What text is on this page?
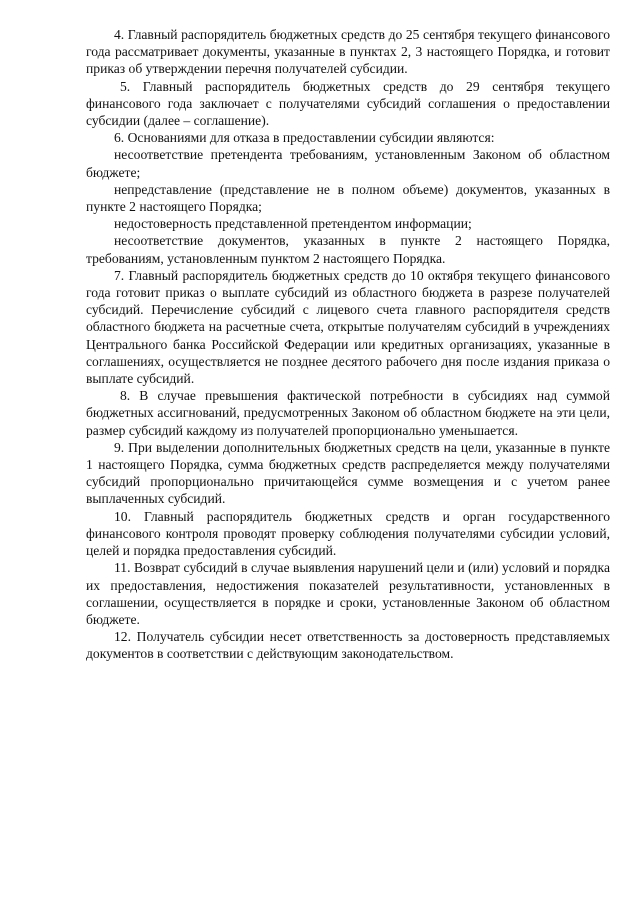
4. Главный распорядитель бюджетных средств до 25 сентября текущего финансового года рассматривает документы, указанные в пунктах 2, 3 настоящего Порядка, и готовит приказ об утверждении перечня получателей субсидии.

5. Главный распорядитель бюджетных средств до 29 сентября текущего финансового года заключает с получателями субсидий соглашения о предоставлении субсидии (далее – соглашение).

6. Основаниями для отказа в предоставлении субсидии являются:

несоответствие претендента требованиям, установленным Законом об областном бюджете;

непредставление (представление не в полном объеме) документов, указанных в пункте 2 настоящего Порядка;

недостоверность представленной претендентом информации;

несоответствие документов, указанных в пункте 2 настоящего Порядка, требованиям, установленным пунктом 2 настоящего Порядка.

7. Главный распорядитель бюджетных средств до 10 октября текущего финансового года готовит приказ о выплате субсидий из областного бюджета в разрезе получателей субсидий. Перечисление субсидий с лицевого счета главного распорядителя средств областного бюджета на расчетные счета, открытые получателям субсидий в учреждениях Центрального банка Российской Федерации или кредитных организациях, указанные в соглашениях, осуществляется не позднее десятого рабочего дня после издания приказа о выплате субсидий.

8. В случае превышения фактической потребности в субсидиях над суммой бюджетных ассигнований, предусмотренных Законом об областном бюджете на эти цели, размер субсидий каждому из получателей пропорционально уменьшается.

9. При выделении дополнительных бюджетных средств на цели, указанные в пункте 1 настоящего Порядка, сумма бюджетных средств распределяется между получателями субсидий пропорционально причитающейся сумме возмещения и с учетом ранее выплаченных субсидий.

10. Главный распорядитель бюджетных средств и орган государственного финансового контроля проводят проверку соблюдения получателями субсидии условий, целей и порядка предоставления субсидий.

11. Возврат субсидий в случае выявления нарушений цели и (или) условий и порядка их предоставления, недостижения показателей результативности, установленных в соглашении, осуществляется в порядке и сроки, установленные Законом об областном бюджете.

12. Получатель субсидии несет ответственность за достоверность представляемых документов в соответствии с действующим законодательством.
